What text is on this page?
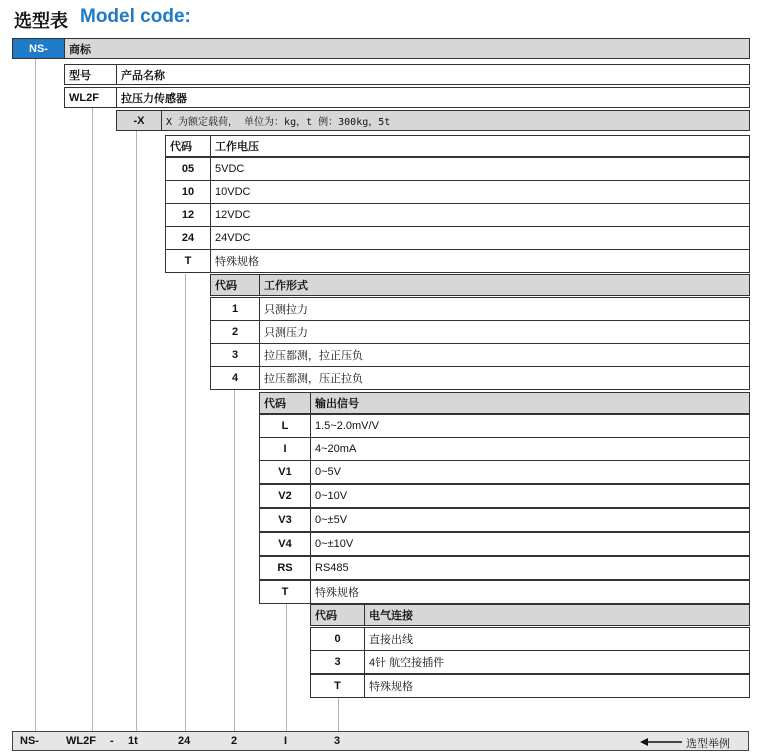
选型表 Model code:
NS-	商标
型号	产品名称
WL2F	拉压力传感器
-X	X 为额定载荷， 单位为：kg，t 例：300kg，5t
代码	工作电压
05	5VDC
10	10VDC
12	12VDC
24	24VDC
T	特殊规格
代码	工作形式
1	只测拉力
2	只测压力
3	拉压都测，拉正压负
4	拉压都测，压正拉负
代码	输出信号
L	1.5~2.0mV/V
I	4~20mA
V1	0~5V
V2	0~10V
V3	0~±5V
V4	0~±10V
RS	RS485
T	特殊规格
代码	电气连接
0	直接出线
3	4针 航空接插件
T	特殊规格
NS- WL2F - 1t	24	2	I	3	选型举例
